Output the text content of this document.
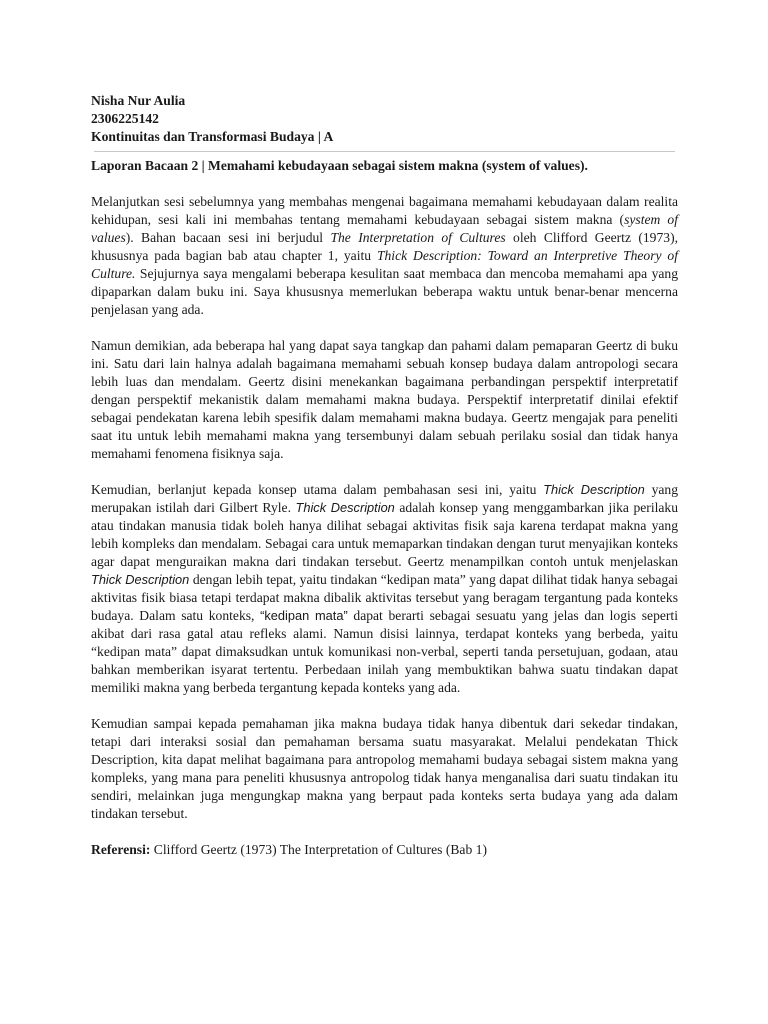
Nisha Nur Aulia

2306225142

Kontinuitas dan Transformasi Budaya | A

Laporan Bacaan 2 | Memahami kebudayaan sebagai sistem makna (system of values).

Melanjutkan sesi sebelumnya yang membahas mengenai bagaimana memahami kebudayaan dalam realita kehidupan, sesi kali ini membahas tentang memahami kebudayaan sebagai sistem makna (system of values). Bahan bacaan sesi ini berjudul The Interpretation of Cultures oleh Clifford Geertz (1973), khususnya pada bagian bab atau chapter 1, yaitu Thick Description: Toward an Interpretive Theory of Culture. Sejujurnya saya mengalami beberapa kesulitan saat membaca dan mencoba memahami apa yang dipaparkan dalam buku ini. Saya khususnya memerlukan beberapa waktu untuk benar-benar mencerna penjelasan yang ada.

Namun demikian, ada beberapa hal yang dapat saya tangkap dan pahami dalam pemaparan Geertz di buku ini. Satu dari lain halnya adalah bagaimana memahami sebuah konsep budaya dalam antropologi secara lebih luas dan mendalam. Geertz disini menekankan bagaimana perbandingan perspektif interpretatif dengan perspektif mekanistik dalam memahami makna budaya. Perspektif interpretatif dinilai efektif sebagai pendekatan karena lebih spesifik dalam memahami makna budaya. Geertz mengajak para peneliti saat itu untuk lebih memahami makna yang tersembunyi dalam sebuah perilaku sosial dan tidak hanya memahami fenomena fisiknya saja.

Kemudian, berlanjut kepada konsep utama dalam pembahasan sesi ini, yaitu Thick Description yang merupakan istilah dari Gilbert Ryle. Thick Description adalah konsep yang menggambarkan jika perilaku atau tindakan manusia tidak boleh hanya dilihat sebagai aktivitas fisik saja karena terdapat makna yang lebih kompleks dan mendalam. Sebagai cara untuk memaparkan tindakan dengan turut menyajikan konteks agar dapat menguraikan makna dari tindakan tersebut. Geertz menampilkan contoh untuk menjelaskan Thick Description dengan lebih tepat, yaitu tindakan “kedipan mata” yang dapat dilihat tidak hanya sebagai aktivitas fisik biasa tetapi terdapat makna dibalik aktivitas tersebut yang beragam tergantung pada konteks budaya. Dalam satu konteks, “kedipan mata” dapat berarti sebagai sesuatu yang jelas dan logis seperti akibat dari rasa gatal atau refleks alami. Namun disisi lainnya, terdapat konteks yang berbeda, yaitu “kedipan mata” dapat dimaksudkan untuk komunikasi non-verbal, seperti tanda persetujuan, godaan, atau bahkan memberikan isyarat tertentu. Perbedaan inilah yang membuktikan bahwa suatu tindakan dapat memiliki makna yang berbeda tergantung kepada konteks yang ada.

Kemudian sampai kepada pemahaman jika makna budaya tidak hanya dibentuk dari sekedar tindakan, tetapi dari interaksi sosial dan pemahaman bersama suatu masyarakat. Melalui pendekatan Thick Description, kita dapat melihat bagaimana para antropolog memahami budaya sebagai sistem makna yang kompleks, yang mana para peneliti khususnya antropolog tidak hanya menganalisa dari suatu tindakan itu sendiri, melainkan juga mengungkap makna yang berpaut pada konteks serta budaya yang ada dalam tindakan tersebut.

Referensi: Clifford Geertz (1973) The Interpretation of Cultures (Bab 1)
